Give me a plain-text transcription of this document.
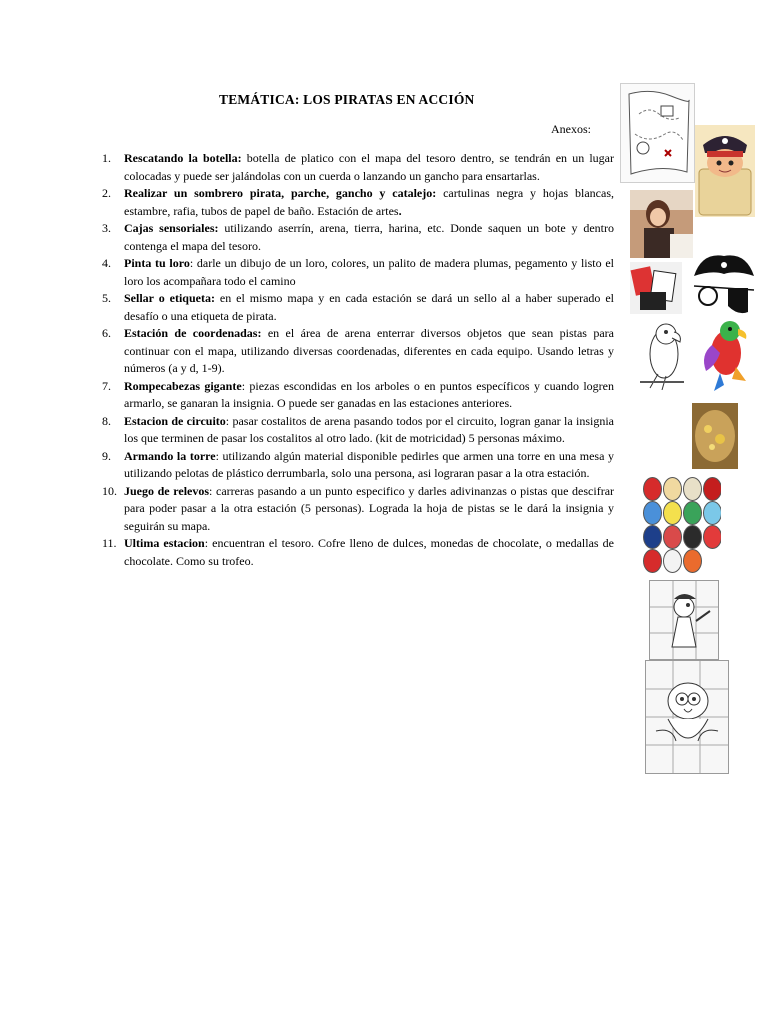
TEMÁTICA: LOS PIRATAS EN ACCIÓN
Anexos:
1. Rescatando la botella: botella de platico con el mapa del tesoro dentro, se tendrán en un lugar colocadas y puede ser jalándolas con un cuerda o lanzando un gancho para ensartarlas.
2. Realizar un sombrero pirata, parche, gancho y catalejo: cartulinas negra y hojas blancas, estambre, rafia, tubos de papel de baño. Estación de artes.
3. Cajas sensoriales: utilizando aserrín, arena, tierra, harina, etc. Donde saquen un bote y dentro contenga el mapa del tesoro.
4. Pinta tu loro: darle un dibujo de un loro, colores, un palito de madera plumas, pegamento y listo el loro los acompañara todo el camino
5. Sellar o etiqueta: en el mismo mapa y en cada estación se dará un sello al a haber superado el desafío o una etiqueta de pirata.
6. Estación de coordenadas: en el área de arena enterrar diversos objetos que sean pistas para continuar con el mapa, utilizando diversas coordenadas, diferentes en cada equipo. Usando letras y números (a y d, 1-9).
7. Rompecabezas gigante: piezas escondidas en los arboles o en puntos específicos y cuando logren armarlo, se ganaran la insignia. O puede ser ganadas en las estaciones anteriores.
8. Estacion de circuito: pasar costalitos de arena pasando todos por el circuito, logran ganar la insignia los que terminen de pasar los costalitos al otro lado. (kit de motricidad) 5 personas máximo.
9. Armando la torre: utilizando algún material disponible pedirles que armen una torre en una mesa y utilizando pelotas de plástico derrumbarla, solo una persona, asi lograran pasar a la otra estación.
10. Juego de relevos: carreras pasando a un punto especifico y darles adivinanzas o pistas que descifrar para poder pasar a la otra estación (5 personas). Lograda la hoja de pistas se le dará la insignia y seguirán su mapa.
11. Ultima estacion: encuentran el tesoro. Cofre lleno de dulces, monedas de chocolate, o medallas de chocolate. Como su trofeo.
